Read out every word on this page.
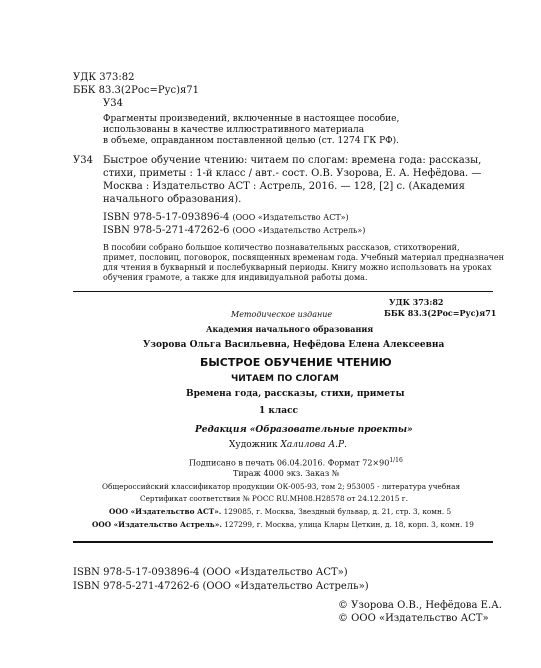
УДК 373:82
ББК 83.3(2Рос=Рус)я71
У34
Фрагменты произведений, включенные в настоящее пособие,
использованы в качестве иллюстративного материала
в объеме, оправданном поставленной целью (ст. 1274 ГК РФ).
У34 Быстрое обучение чтению: читаем по слогам: времена года: рассказы,
стихи, приметы : 1-й класс / авт.- сост. О.В. Узорова, Е. А. Нефёдова. —
Москва : Издательство АСТ : Астрель, 2016. — 128, [2] с. (Академия
начального образования).
ISBN 978-5-17-093896-4 (ООО «Издательство АСТ»)
ISBN 978-5-271-47262-6 (ООО «Издательство Астрель»)
В пособии собрано большое количество познавательных рассказов, стихотворений,
примет, пословиц, поговорок, посвященных временам года. Учебный материал предназначен
для чтения в букварный и послебукварный периоды. Книгу можно использовать на уроках
обучения грамоте, а также для индивидуальной работы дома.
УДК 373:82
ББК 83.3(2Рос=Рус)я71
Методическое издание
Академия начального образования
Узорова Ольга Васильевна, Нефёдова Елена Алексеевна
БЫСТРОЕ ОБУЧЕНИЕ ЧТЕНИЮ
ЧИТАЕМ ПО СЛОГАМ
Времена года, рассказы, стихи, приметы
1 класс
Редакция «Образовательные проекты»
Художник Халилова А.Р.
Подписано в печать 06.04.2016. Формат $72\times 90^{1/16}$
Тираж 4000 экз. Заказ №
Общероссийский классификатор продукции ОК-005-93, том 2; 953005 - литература учебная
Сертификат соответствия № РОСС RU.МН08.Н28578 от 24.12.2015 г.
ООО «Издательство АСТ». 129085, г. Москва, Звездный бульвар, д. 21, стр. 3, комн. 5
ООО «Издательство Астрель». 127299, г. Москва, улица Клары Цеткин, д. 18, корп. 3, комн. 19
ISBN 978-5-17-093896-4 (ООО «Издательство АСТ»)
ISBN 978-5-271-47262-6 (ООО «Издательство Астрель»)
© Узорова О.В., Нефёдова Е.А.
© ООО «Издательство АСТ»
